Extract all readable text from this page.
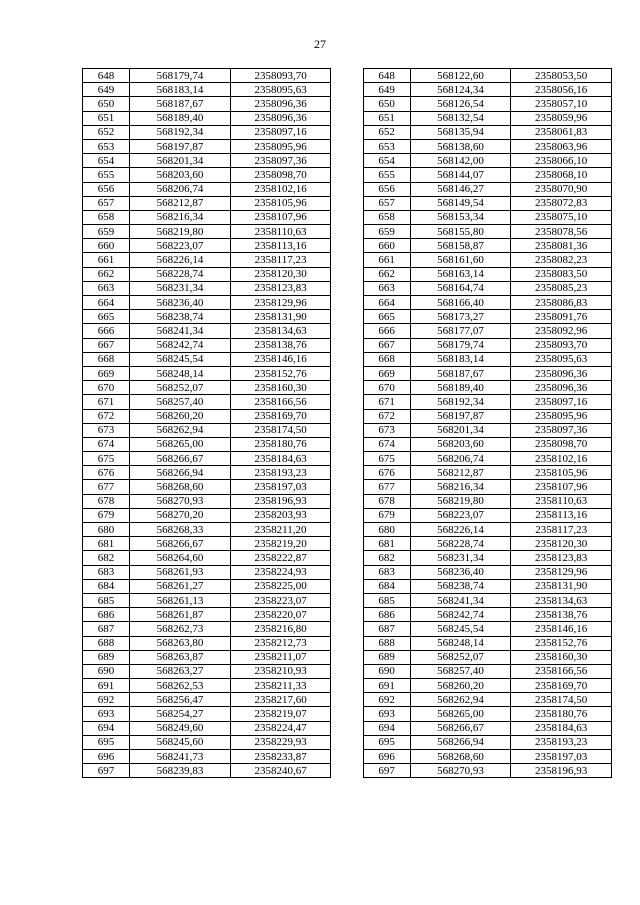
27
648	568179,74	2358093,70		648	568122,60	2358053,50
649	568183,14	2358095,63		649	568124,34	2358056,16
650	568187,67	2358096,36		650	568126,54	2358057,10
651	568189,40	2358096,36		651	568132,54	2358059,96
652	568192,34	2358097,16		652	568135,94	2358061,83
653	568197,87	2358095,96		653	568138,60	2358063,96
654	568201,34	2358097,36		654	568142,00	2358066,10
655	568203,60	2358098,70		655	568144,07	2358068,10
656	568206,74	2358102,16		656	568146,27	2358070,90
657	568212,87	2358105,96		657	568149,54	2358072,83
658	568216,34	2358107,96		658	568153,34	2358075,10
659	568219,80	2358110,63		659	568155,80	2358078,56
660	568223,07	2358113,16		660	568158,87	2358081,36
661	568226,14	2358117,23		661	568161,60	2358082,23
662	568228,74	2358120,30		662	568163,14	2358083,50
663	568231,34	2358123,83		663	568164,74	2358085,23
664	568236,40	2358129,96		664	568166,40	2358086,83
665	568238,74	2358131,90		665	568173,27	2358091,76
666	568241,34	2358134,63		666	568177,07	2358092,96
667	568242,74	2358138,76		667	568179,74	2358093,70
668	568245,54	2358146,16		668	568183,14	2358095,63
669	568248,14	2358152,76		669	568187,67	2358096,36
670	568252,07	2358160,30		670	568189,40	2358096,36
671	568257,40	2358166,56		671	568192,34	2358097,16
672	568260,20	2358169,70		672	568197,87	2358095,96
673	568262,94	2358174,50		673	568201,34	2358097,36
674	568265,00	2358180,76		674	568203,60	2358098,70
675	568266,67	2358184,63		675	568206,74	2358102,16
676	568266,94	2358193,23		676	568212,87	2358105,96
677	568268,60	2358197,03		677	568216,34	2358107,96
678	568270,93	2358196,93		678	568219,80	2358110,63
679	568270,20	2358203,93		679	568223,07	2358113,16
680	568268,33	2358211,20		680	568226,14	2358117,23
681	568266,67	2358219,20		681	568228,74	2358120,30
682	568264,60	2358222,87		682	568231,34	2358123,83
683	568261,93	2358224,93		683	568236,40	2358129,96
684	568261,27	2358225,00		684	568238,74	2358131,90
685	568261,13	2358223,07		685	568241,34	2358134,63
686	568261,87	2358220,07		686	568242,74	2358138,76
687	568262,73	2358216,80		687	568245,54	2358146,16
688	568263,80	2358212,73		688	568248,14	2358152,76
689	568263,87	2358211,07		689	568252,07	2358160,30
690	568263,27	2358210,93		690	568257,40	2358166,56
691	568262,53	2358211,33		691	568260,20	2358169,70
692	568256,47	2358217,60		692	568262,94	2358174,50
693	568254,27	2358219,07		693	568265,00	2358180,76
694	568249,60	2358224,47		694	568266,67	2358184,63
695	568245,60	2358229,93		695	568266,94	2358193,23
696	568241,73	2358233,87		696	568268,60	2358197,03
697	568239,83	2358240,67		697	568270,93	2358196,93
